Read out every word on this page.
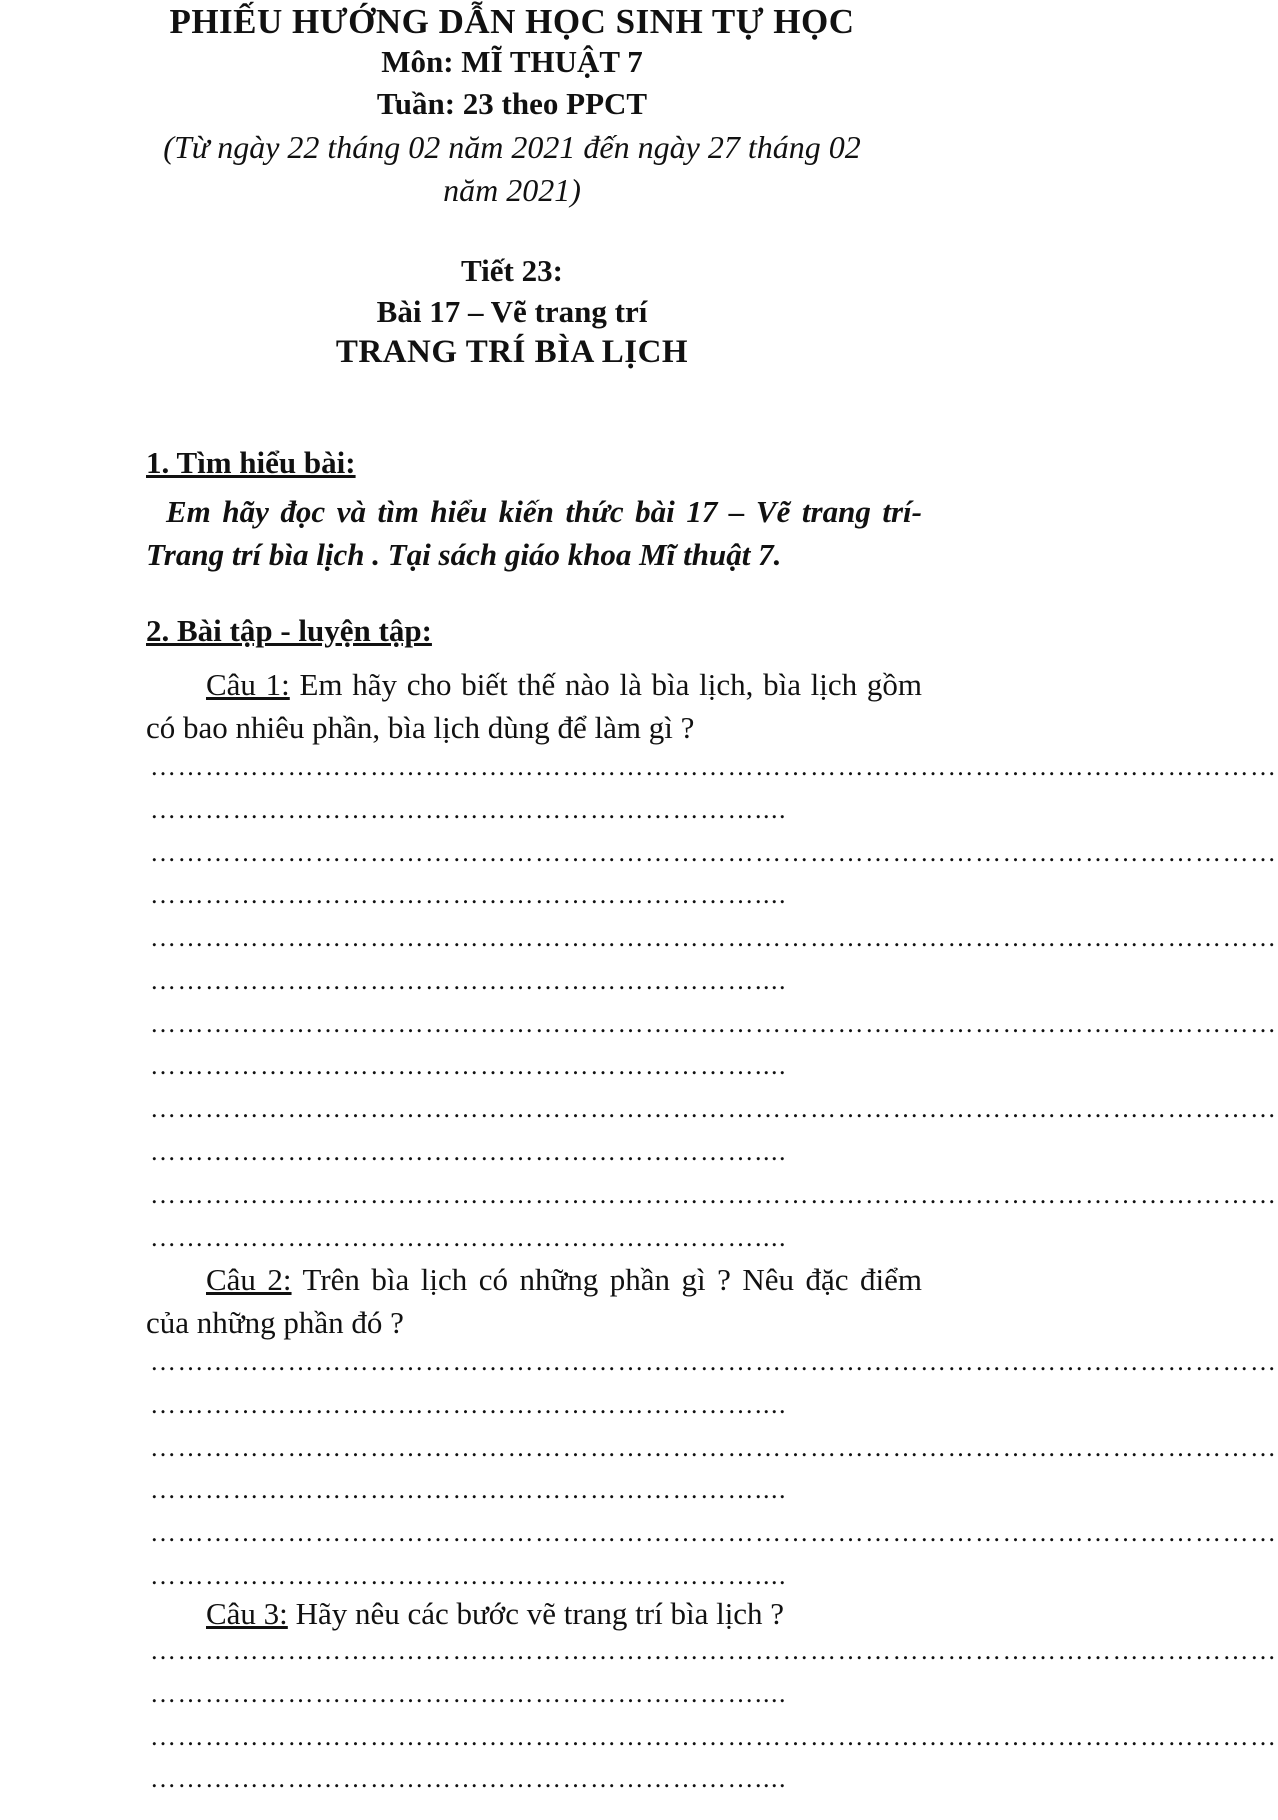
PHIẾU HƯỚNG DẪN HỌC SINH TỰ HỌC
Môn: MĨ THUẬT 7
Tuần: 23 theo PPCT
(Từ ngày 22 tháng 02 năm 2021 đến ngày 27 tháng 02
năm 2021)
Tiết 23:
Bài 17 – Vẽ trang trí
TRANG TRÍ BÌA LỊCH
1. Tìm hiểu bài:
Em hãy đọc và tìm hiểu kiến thức bài 17 – Vẽ trang trí- Trang trí bìa lịch . Tại sách giáo khoa Mĩ thuật 7.
2. Bài tập - luyện tập:
Câu 1: Em hãy cho biết thế nào là bìa lịch, bìa lịch gồm có bao nhiêu phần, bìa lịch dùng để làm gì ?
……………………………………………………………………………………………………………
…………………………………………………………....
……………………………………………………………………………………………………………
…………………………………………………………....
……………………………………………………………………………………………………………
…………………………………………………………....
……………………………………………………………………………………………………………
…………………………………………………………....
……………………………………………………………………………………………………………
…………………………………………………………....
……………………………………………………………………………………………………………
…………………………………………………………....
Câu 2: Trên bìa lịch có những phần gì ? Nêu đặc điểm của những phần đó ?
……………………………………………………………………………………………………………
…………………………………………………………....
……………………………………………………………………………………………………………
…………………………………………………………....
……………………………………………………………………………………………………………
…………………………………………………………....
Câu 3: Hãy nêu các bước vẽ trang trí bìa lịch ?
……………………………………………………………………………………………………………
…………………………………………………………....
……………………………………………………………………………………………………………
…………………………………………………………....
